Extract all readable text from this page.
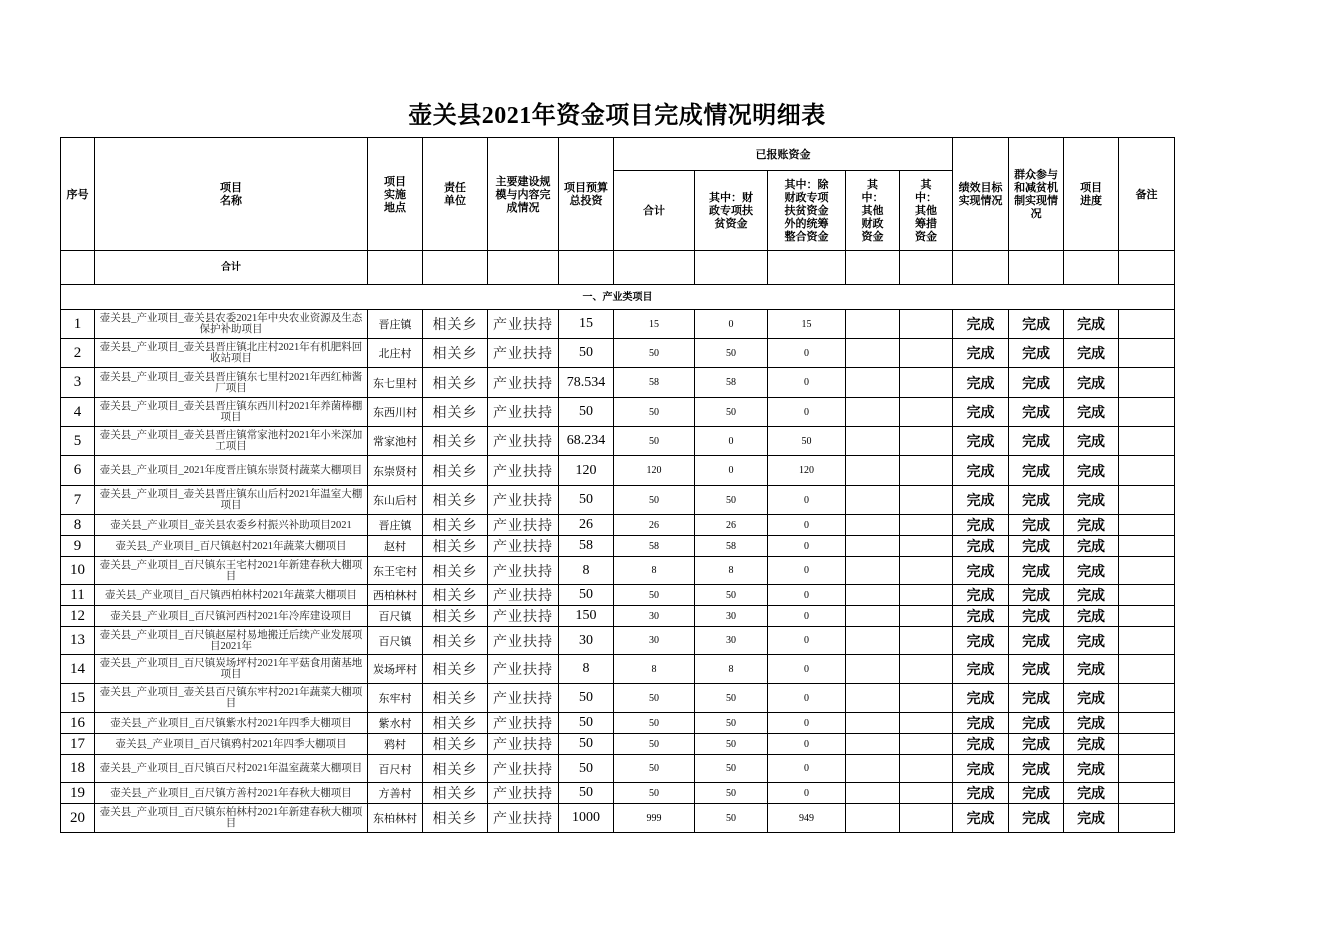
壶关县2021年资金项目完成情况明细表
序号	项目名称	项目实施地点	责任单位	主要建设规模与内容完成情况	项目预算总投资	已报账资金					绩效目标实现情况	群众参与和减贫机制实现情况	项目进度	备注
						合计	其中：财政专项扶贫资金	其中：除财政专项扶贫资金外的统筹整合资金	其中：其他财政资金	其中：其他筹措资金				

	合计													
一、产业类项目														
1	壶关县_产业项目_壶关县农委2021年中央农业资源及生态保护补助项目	晋庄镇	相关乡	产业扶持	15	15	0	15			完成	完成	完成	
2	壶关县_产业项目_壶关县晋庄镇北庄村2021年有机肥料回收站项目	北庄村	相关乡	产业扶持	50	50	50	0			完成	完成	完成	
3	壶关县_产业项目_壶关县晋庄镇东七里村2021年西红柿酱厂项目	东七里村	相关乡	产业扶持	78.534	58	58	0			完成	完成	完成	
4	壶关县_产业项目_壶关县晋庄镇东西川村2021年养菌棒棚项目	东西川村	相关乡	产业扶持	50	50	50	0			完成	完成	完成	
5	壶关县_产业项目_壶关县晋庄镇常家池村2021年小米深加工项目	常家池村	相关乡	产业扶持	68.234	50	0	50			完成	完成	完成	
6	壶关县_产业项目_2021年度晋庄镇东崇贤村蔬菜大棚项目	东崇贤村	相关乡	产业扶持	120	120	0	120			完成	完成	完成	
7	壶关县_产业项目_壶关县晋庄镇东山后村2021年温室大棚项目	东山后村	相关乡	产业扶持	50	50	50	0			完成	完成	完成	
8	壶关县_产业项目_壶关县农委乡村振兴补助项目2021	晋庄镇	相关乡	产业扶持	26	26	26	0			完成	完成	完成	
9	壶关县_产业项目_百尺镇赵村2021年蔬菜大棚项目	赵村	相关乡	产业扶持	58	58	58	0			完成	完成	完成	
10	壶关县_产业项目_百尺镇东王宅村2021年新建春秋大棚项目	东王宅村	相关乡	产业扶持	8	8	8	0			完成	完成	完成	
11	壶关县_产业项目_百尺镇西柏林村2021年蔬菜大棚项目	西柏林村	相关乡	产业扶持	50	50	50	0			完成	完成	完成	
12	壶关县_产业项目_百尺镇河西村2021年冷库建设项目	百尺镇	相关乡	产业扶持	150	30	30	0			完成	完成	完成	
13	壶关县_产业项目_百尺镇赵屋村易地搬迁后续产业发展项目2021年	百尺镇	相关乡	产业扶持	30	30	30	0			完成	完成	完成	
14	壶关县_产业项目_百尺镇炭场坪村2021年平菇食用菌基地项目	炭场坪村	相关乡	产业扶持	8	8	8	0			完成	完成	完成	
15	壶关县_产业项目_壶关县百尺镇东牢村2021年蔬菜大棚项目	东牢村	相关乡	产业扶持	50	50	50	0			完成	完成	完成	
16	壶关县_产业项目_百尺镇紫水村2021年四季大棚项目	紫水村	相关乡	产业扶持	50	50	50	0			完成	完成	完成	
17	壶关县_产业项目_百尺镇鸦村2021年四季大棚项目	鸦村	相关乡	产业扶持	50	50	50	0			完成	完成	完成	
18	壶关县_产业项目_百尺镇百尺村2021年温室蔬菜大棚项目	百尺村	相关乡	产业扶持	50	50	50	0			完成	完成	完成	
19	壶关县_产业项目_百尺镇方善村2021年春秋大棚项目	方善村	相关乡	产业扶持	50	50	50	0			完成	完成	完成	
20	壶关县_产业项目_百尺镇东柏林村2021年新建春秋大棚项目	东柏林村	相关乡	产业扶持	1000	999	50	949			完成	完成	完成	
